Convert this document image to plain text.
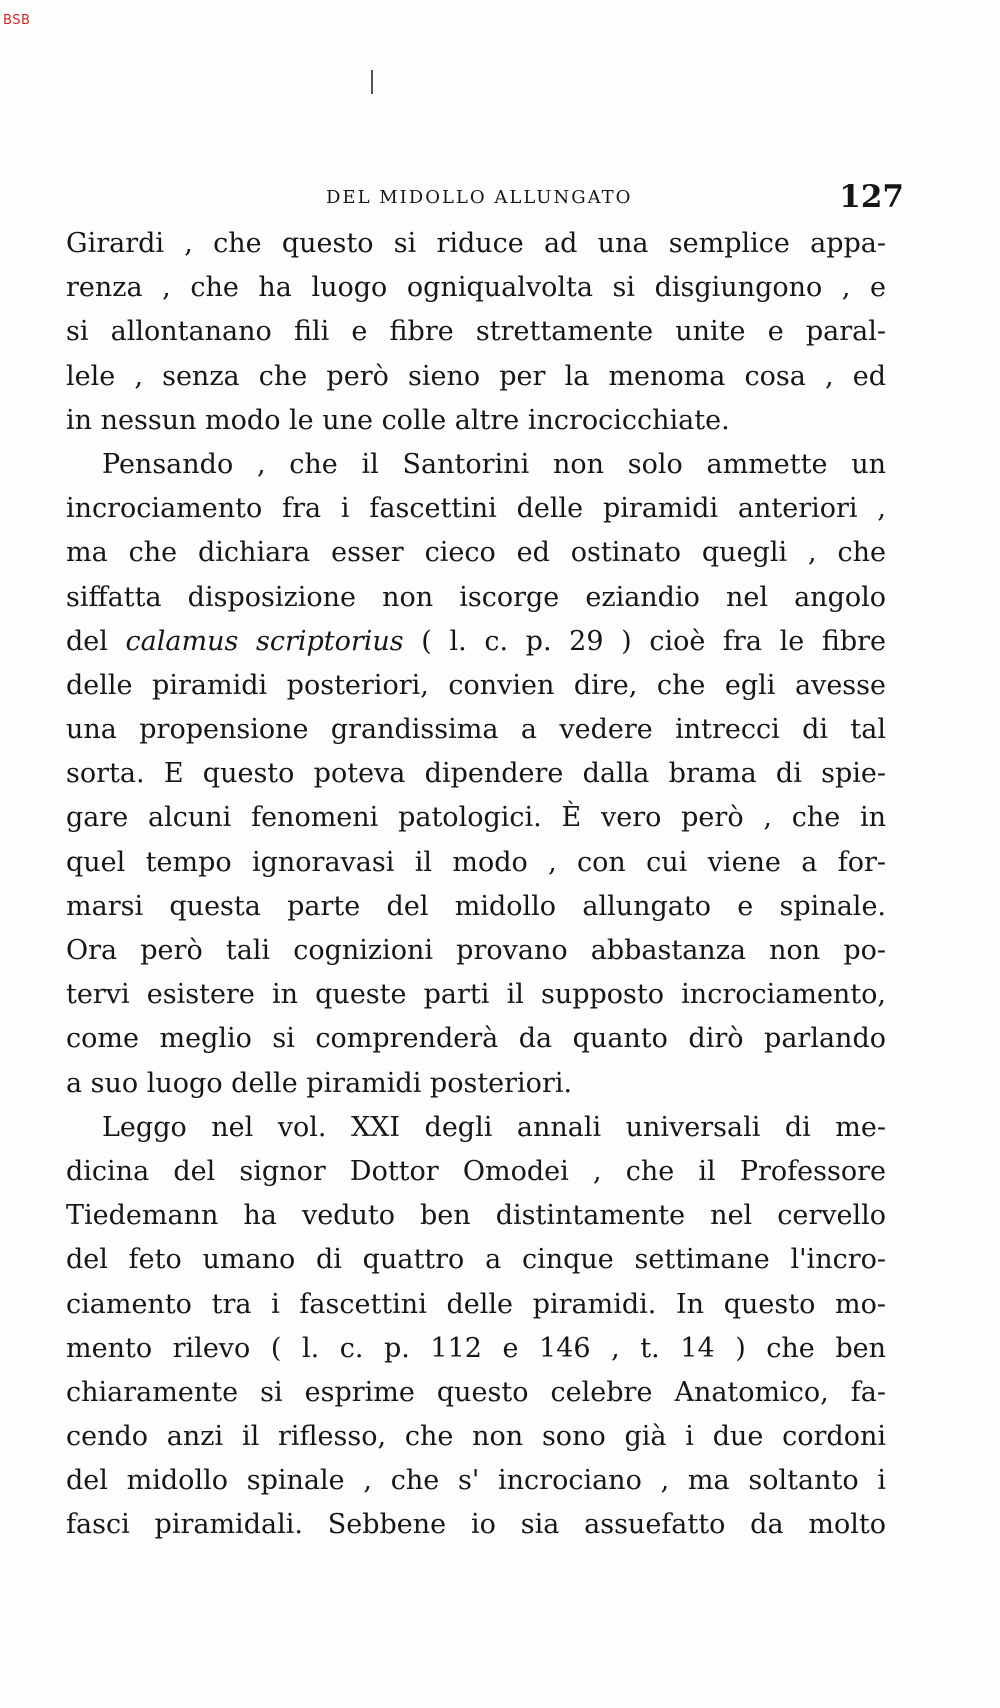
BSB
DEL MIDOLLO ALLUNGATO	127
Girardi , che questo si riduce ad una semplice appa-
renza , che ha luogo ogniqualvolta si disgiungono , e
si allontanano fili e fibre strettamente unite e paral-
lele , senza che però sieno per la menoma cosa , ed
in nessun modo le une colle altre incrocicchiate.
Pensando , che il Santorini non solo ammette un
incrociamento fra i fascettini delle piramidi anteriori ,
ma che dichiara esser cieco ed ostinato quegli , che
siffatta disposizione non iscorge eziandio nel angolo
del calamus scriptorius ( l. c. p. 29 ) cioè fra le fibre
delle piramidi posteriori, convien dire, che egli avesse
una propensione grandissima a vedere intrecci di tal
sorta. E questo poteva dipendere dalla brama di spie-
gare alcuni fenomeni patologici. È vero però , che in
quel tempo ignoravasi il modo , con cui viene a for-
marsi questa parte del midollo allungato e spinale.
Ora però tali cognizioni provano abbastanza non po-
tervi esistere in queste parti il supposto incrociamento,
come meglio si comprenderà da quanto dirò parlando
a suo luogo delle piramidi posteriori.
Leggo nel vol. XXI degli annali universali di me-
dicina del signor Dottor Omodei , che il Professore
Tiedemann ha veduto ben distintamente nel cervello
del feto umano di quattro a cinque settimane l'incro-
ciamento tra i fascettini delle piramidi. In questo mo-
mento rilevo ( l. c. p. 112 e 146 , t. 14 ) che ben
chiaramente si esprime questo celebre Anatomico, fa-
cendo anzi il riflesso, che non sono già i due cordoni
del midollo spinale , che s' incrociano , ma soltanto i
fasci piramidali. Sebbene io sia assuefatto da molto
